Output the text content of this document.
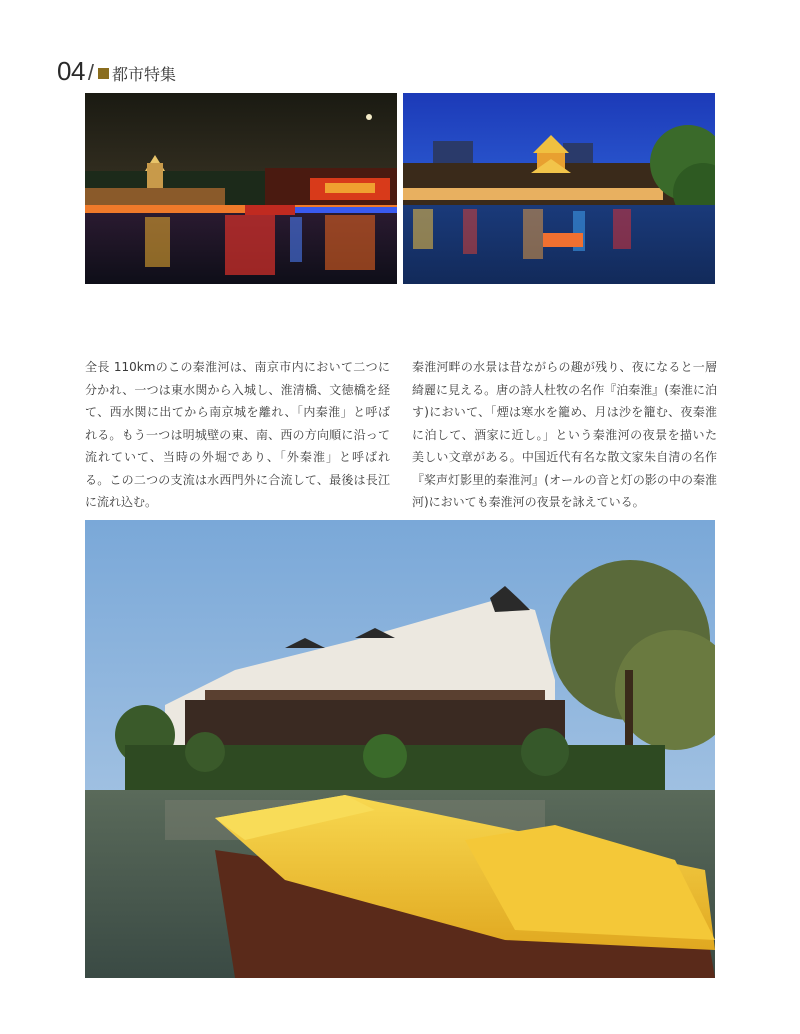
04 / 都市特集

全長 110kmのこの秦淮河は、南京市内において二つに分かれ、一つは東水関から入城し、淮清橋、文徳橋を経て、西水関に出てから南京城を離れ、「内秦淮」と呼ばれる。もう一つは明城壁の東、南、西の方向順に沿って流れていて、当時の外堀であり、「外秦淮」と呼ばれる。この二つの支流は水西門外に合流して、最後は長江に流れ込む。

秦淮河畔の水景は昔ながらの趣が残り、夜になると一層綺麗に見える。唐の詩人杜牧の名作『泊秦淮』(秦淮に泊す)において、「煙は寒水を籠め、月は沙を籠む、夜秦淮に泊して、酒家に近し。」という秦淮河の夜景を描いた美しい文章がある。中国近代有名な散文家朱自清の名作『桨声灯影里的秦淮河』(オールの音と灯の影の中の秦淮河)においても秦淮河の夜景を詠えている。
